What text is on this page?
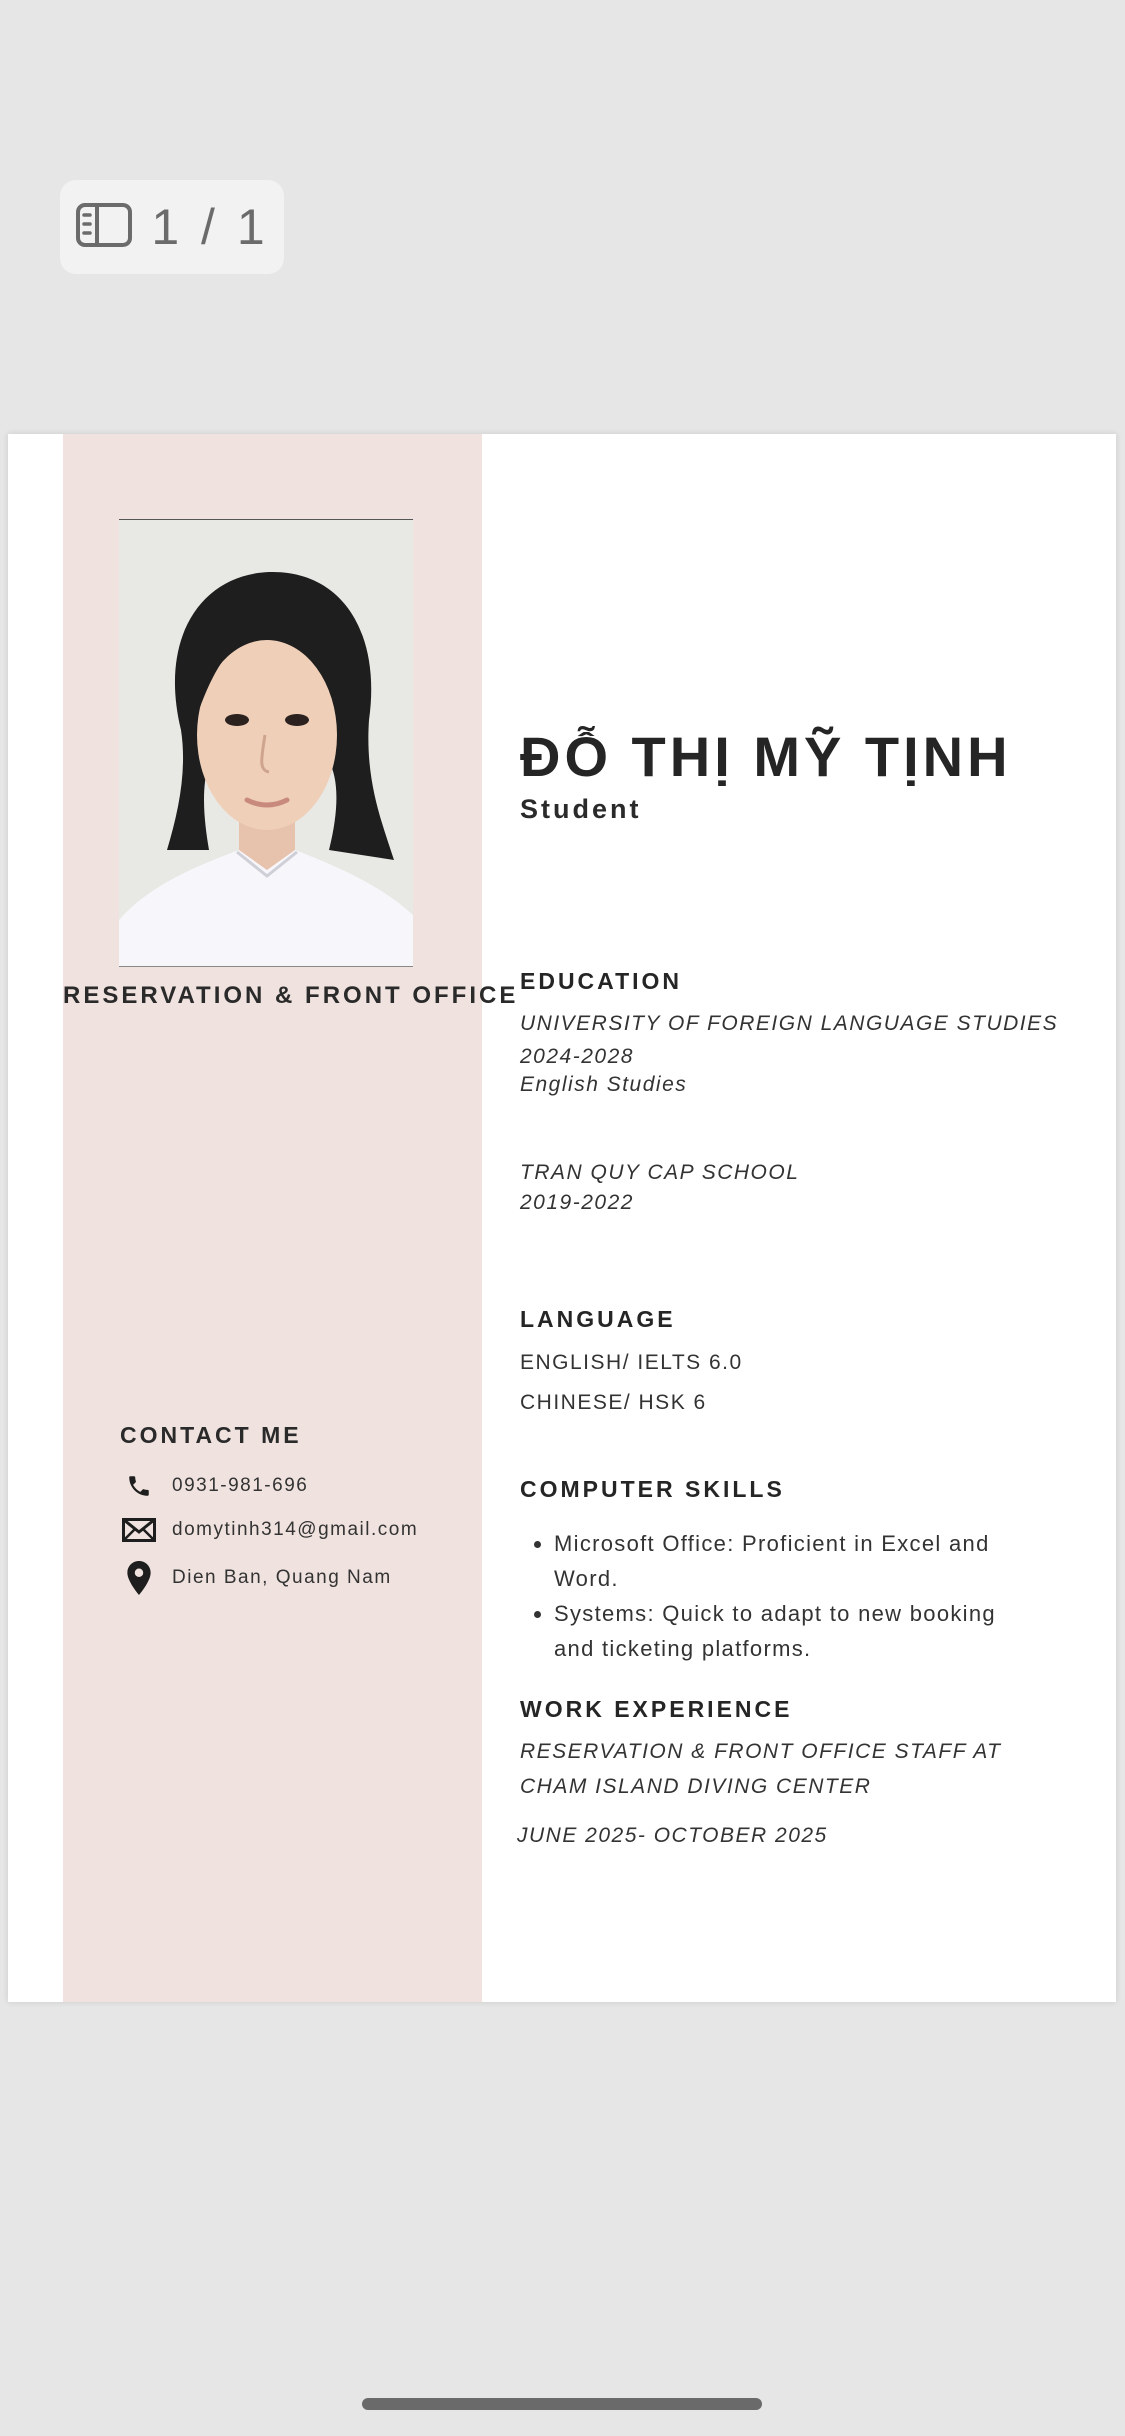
1 / 1
RESERVATION & FRONT OFFICE
CONTACT ME
0931-981-696
domytinh314@gmail.com
Dien Ban, Quang Nam
ĐỖ THỊ MỸ TỊNH
Student
EDUCATION
UNIVERSITY OF FOREIGN LANGUAGE STUDIES
2024-2028
English Studies
TRAN QUY CAP SCHOOL
2019-2022
LANGUAGE
ENGLISH/ IELTS 6.0
CHINESE/ HSK 6
COMPUTER SKILLS
• Microsoft Office: Proficient in Excel and Word.
• Systems: Quick to adapt to new booking and ticketing platforms.
WORK EXPERIENCE
RESERVATION & FRONT OFFICE STAFF AT
CHAM ISLAND DIVING CENTER
JUNE 2025- OCTOBER 2025
